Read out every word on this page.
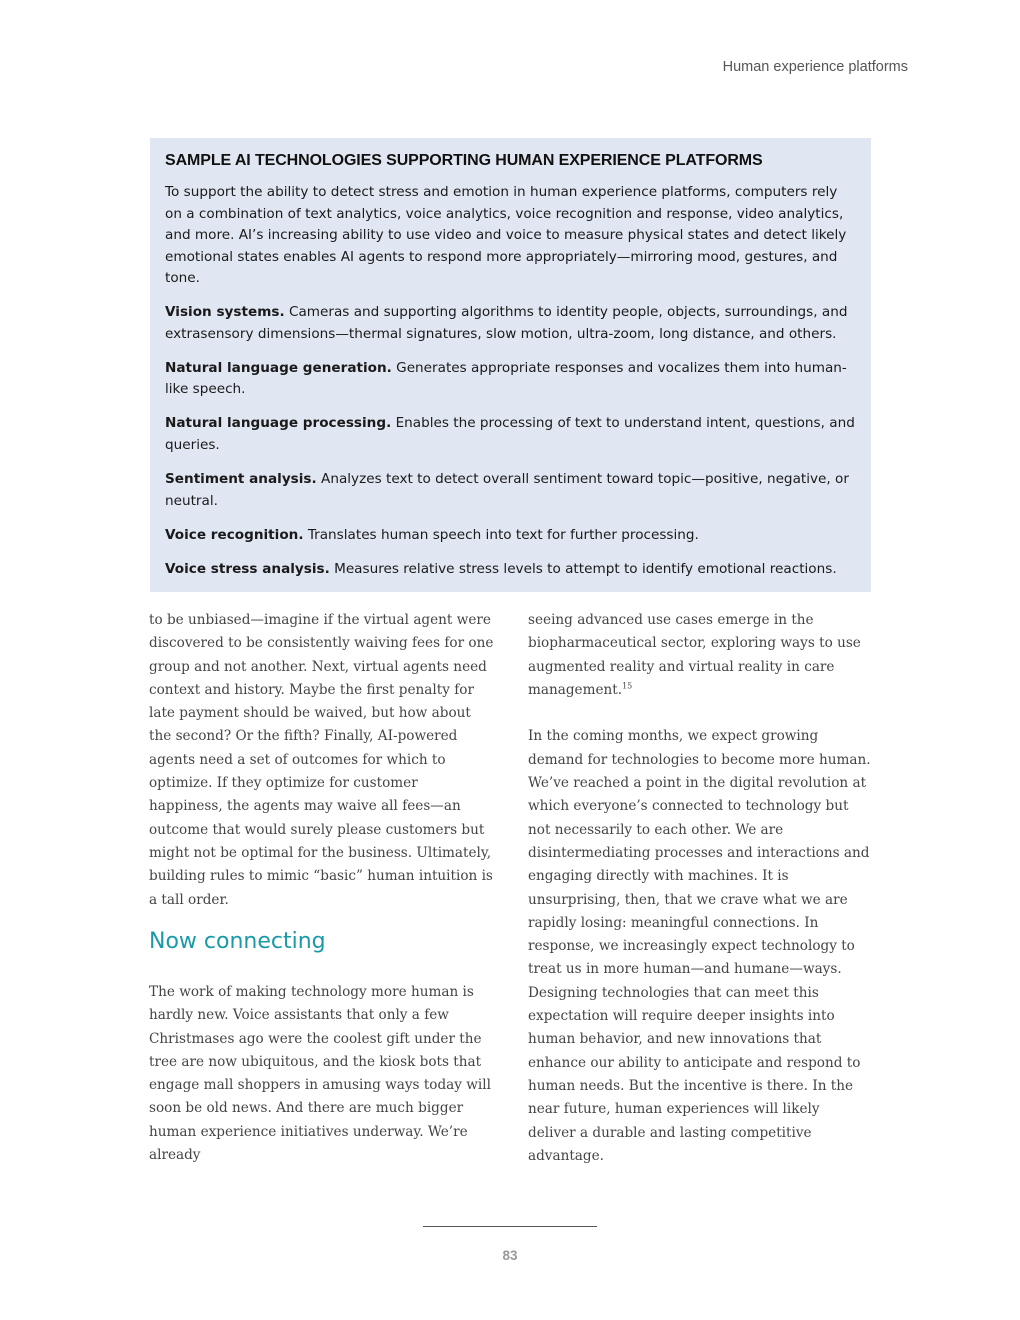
Human experience platforms
SAMPLE AI TECHNOLOGIES SUPPORTING HUMAN EXPERIENCE PLATFORMS

To support the ability to detect stress and emotion in human experience platforms, computers rely on a combination of text analytics, voice analytics, voice recognition and response, video analytics, and more. AI’s increasing ability to use video and voice to measure physical states and detect likely emotional states enables AI agents to respond more appropriately—mirroring mood, gestures, and tone.

Vision systems. Cameras and supporting algorithms to identity people, objects, surroundings, and extrasensory dimensions—thermal signatures, slow motion, ultra-zoom, long distance, and others.

Natural language generation. Generates appropriate responses and vocalizes them into human-like speech.

Natural language processing. Enables the processing of text to understand intent, questions, and queries.

Sentiment analysis. Analyzes text to detect overall sentiment toward topic—positive, negative, or neutral.

Voice recognition. Translates human speech into text for further processing.

Voice stress analysis. Measures relative stress levels to attempt to identify emotional reactions.

to be unbiased—imagine if the virtual agent were discovered to be consistently waiving fees for one group and not another. Next, virtual agents need context and history. Maybe the first penalty for late payment should be waived, but how about the second? Or the fifth? Finally, AI-powered agents need a set of outcomes for which to optimize. If they optimize for customer happiness, the agents may waive all fees—an outcome that would surely please customers but might not be optimal for the business. Ultimately, building rules to mimic “basic” human intuition is a tall order.

Now connecting

The work of making technology more human is hardly new. Voice assistants that only a few Christmases ago were the coolest gift under the tree are now ubiquitous, and the kiosk bots that engage mall shoppers in amusing ways today will soon be old news. And there are much bigger human experience initiatives underway. We’re already

seeing advanced use cases emerge in the biopharmaceutical sector, exploring ways to use augmented reality and virtual reality in care management.$^{15}$

In the coming months, we expect growing demand for technologies to become more human. We’ve reached a point in the digital revolution at which everyone’s connected to technology but not necessarily to each other. We are disintermediating processes and interactions and engaging directly with machines. It is unsurprising, then, that we crave what we are rapidly losing: meaningful connections. In response, we increasingly expect technology to treat us in more human—and humane—ways. Designing technologies that can meet this expectation will require deeper insights into human behavior, and new innovations that enhance our ability to anticipate and respond to human needs. But the incentive is there. In the near future, human experiences will likely deliver a durable and lasting competitive advantage.

83
